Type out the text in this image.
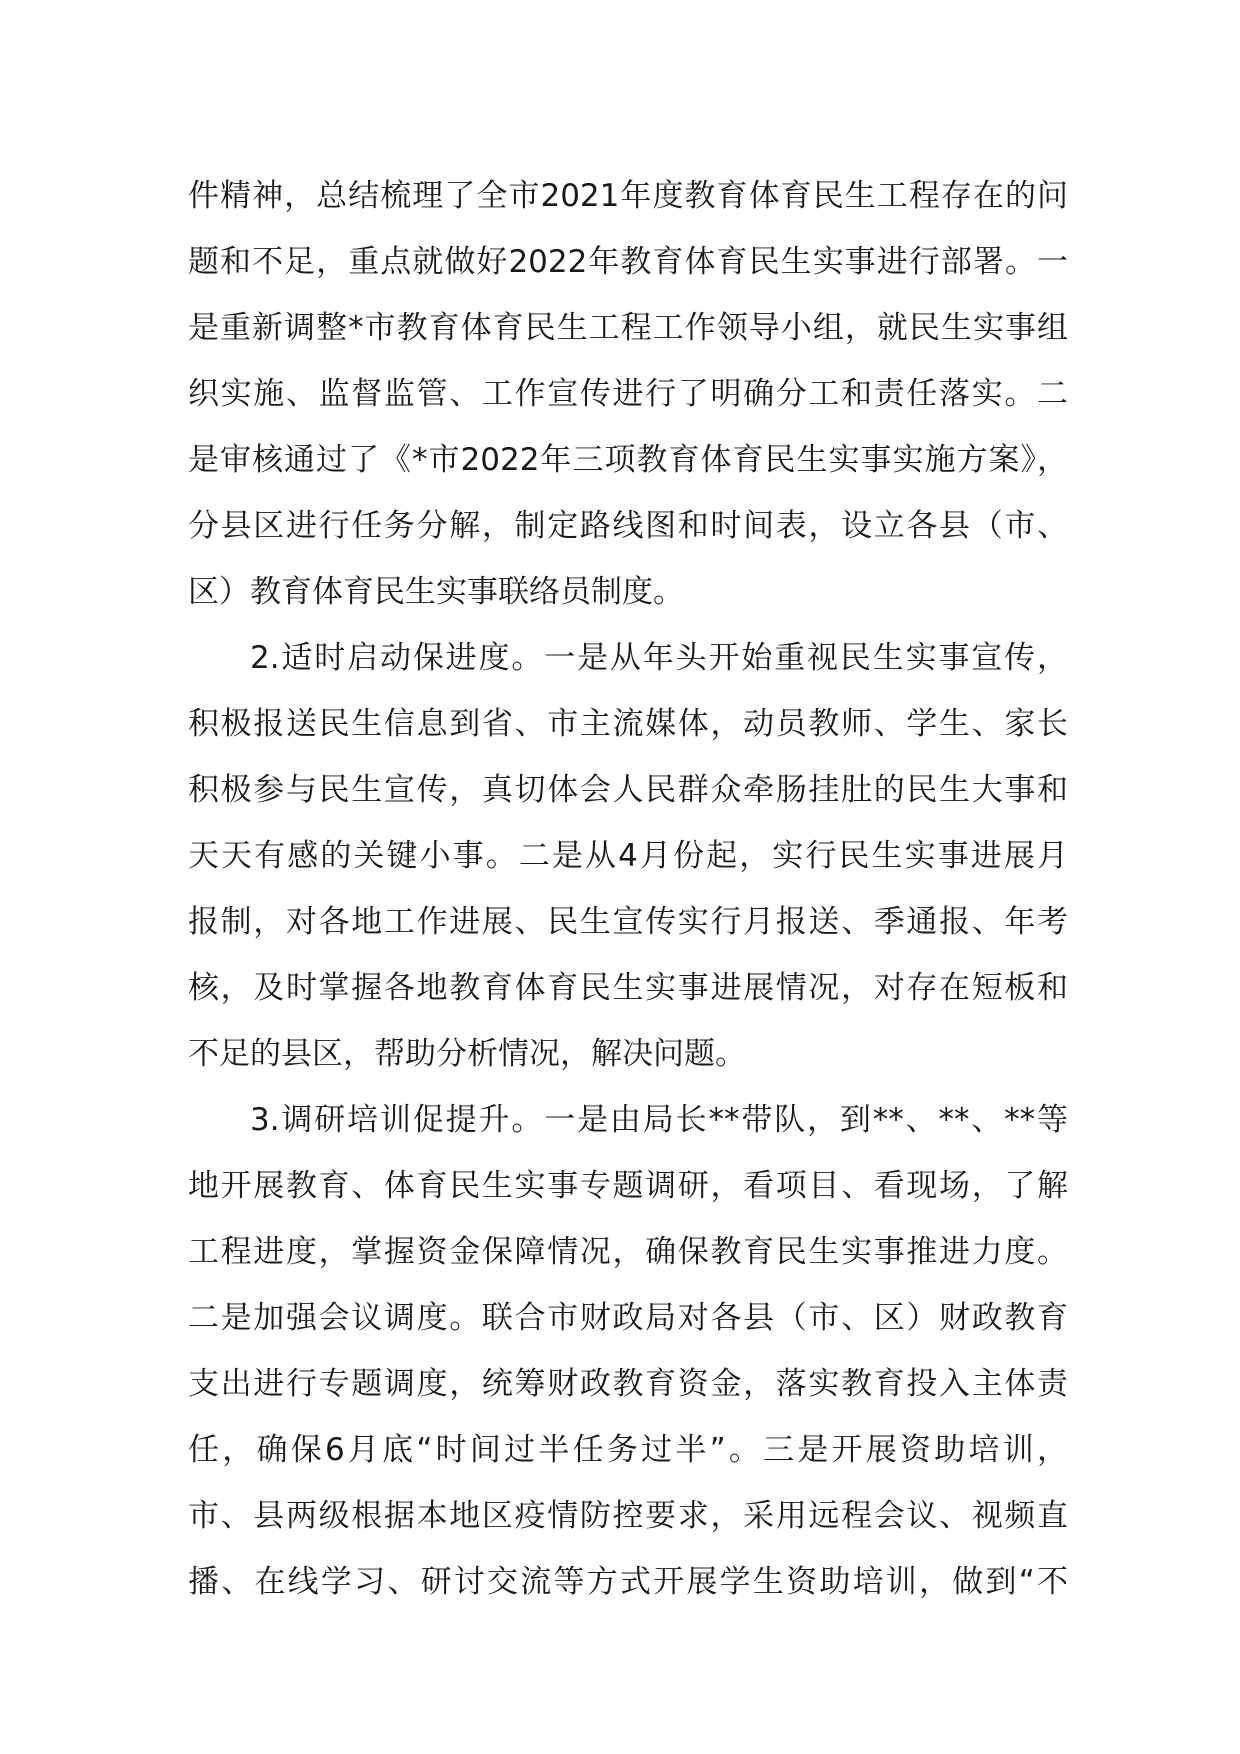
件精神，总结梳理了全市2021年度教育体育民生工程存在的问
题和不足，重点就做好2022年教育体育民生实事进行部署。一
是重新调整*市教育体育民生工程工作领导小组，就民生实事组
织实施、监督监管、工作宣传进行了明确分工和责任落实。二
是审核通过了《*市2022年三项教育体育民生实事实施方案》，
分县区进行任务分解，制定路线图和时间表，设立各县（市、
区）教育体育民生实事联络员制度。
2.适时启动保进度。一是从年头开始重视民生实事宣传，
积极报送民生信息到省、市主流媒体，动员教师、学生、家长
积极参与民生宣传，真切体会人民群众牵肠挂肚的民生大事和
天天有感的关键小事。二是从4月份起，实行民生实事进展月
报制，对各地工作进展、民生宣传实行月报送、季通报、年考
核，及时掌握各地教育体育民生实事进展情况，对存在短板和
不足的县区，帮助分析情况，解决问题。
3.调研培训促提升。一是由局长**带队，到**、**、**等
地开展教育、体育民生实事专题调研，看项目、看现场，了解
工程进度，掌握资金保障情况，确保教育民生实事推进力度。
二是加强会议调度。联合市财政局对各县（市、区）财政教育
支出进行专题调度，统筹财政教育资金，落实教育投入主体责
任，确保6月底“时间过半任务过半”。三是开展资助培训，
市、县两级根据本地区疫情防控要求，采用远程会议、视频直
播、在线学习、研讨交流等方式开展学生资助培训，做到“不
